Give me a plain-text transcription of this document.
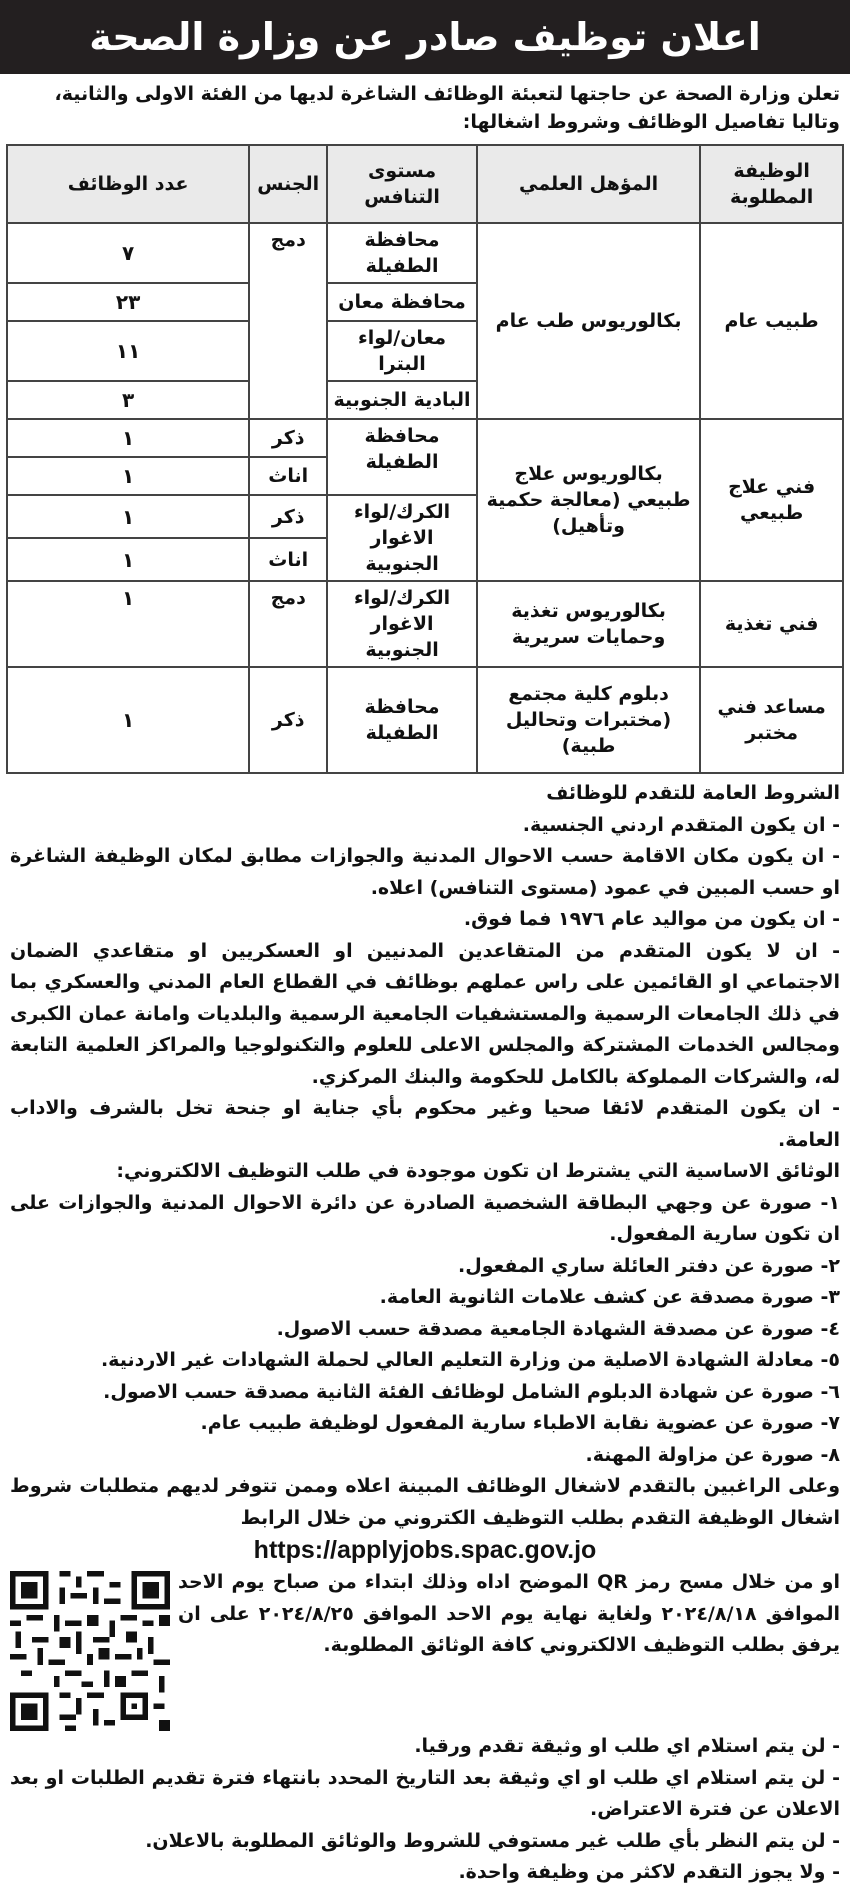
اعلان توظيف صادر عن وزارة الصحة
تعلن وزارة الصحة عن حاجتها لتعبئة الوظائف الشاغرة لديها من الفئة الاولى والثانية، وتاليا تفاصيل الوظائف وشروط اشغالها:
الوظيفة المطلوبة	المؤهل العلمي	مستوى التنافس	الجنس	عدد الوظائف
طبيب عام	بكالوريوس طب عام	محافظة الطفيلة	دمج	٧
		محافظة معان		٢٣
		معان/لواء البترا		١١
		البادية الجنوبية		٣
فني علاج طبيعي	بكالوريوس علاج طبيعي (معالجة حكمية وتأهيل)	محافظة الطفيلة	ذكر	١
			اناث	١
		الكرك/لواء الاغوار الجنوبية	ذكر	١
			اناث	١
فني تغذية	بكالوريوس تغذية وحمايات سريرية	الكرك/لواء الاغوار الجنوبية	دمج	١
مساعد فني مختبر	دبلوم كلية مجتمع (مختبرات وتحاليل طبية)	محافظة الطفيلة	ذكر	١

الشروط العامة للتقدم للوظائف

- ان يكون المتقدم اردني الجنسية.

- ان يكون مكان الاقامة حسب الاحوال المدنية والجوازات مطابق لمكان الوظيفة الشاغرة او حسب المبين في عمود (مستوى التنافس) اعلاه.

- ان يكون من مواليد عام ١٩٧٦ فما فوق.

- ان لا يكون المتقدم من المتقاعدين المدنيين او العسكريين او متقاعدي الضمان الاجتماعي او القائمين على راس عملهم بوظائف في القطاع العام المدني والعسكري بما في ذلك الجامعات الرسمية والمستشفيات الجامعية الرسمية والبلديات وامانة عمان الكبرى ومجالس الخدمات المشتركة والمجلس الاعلى للعلوم والتكنولوجيا والمراكز العلمية التابعة له، والشركات المملوكة بالكامل للحكومة والبنك المركزي.

- ان يكون المتقدم لائقا صحيا وغير محكوم بأي جناية او جنحة تخل بالشرف والاداب العامة.

الوثائق الاساسية التي يشترط ان تكون موجودة في طلب التوظيف الالكتروني:

١- صورة عن وجهي البطاقة الشخصية الصادرة عن دائرة الاحوال المدنية والجوازات على ان تكون سارية المفعول.

٢- صورة عن دفتر العائلة ساري المفعول.

٣- صورة مصدقة عن كشف علامات الثانوية العامة.

٤- صورة عن مصدقة الشهادة الجامعية مصدقة حسب الاصول.

٥- معادلة الشهادة الاصلية من وزارة التعليم العالي لحملة الشهادات غير الاردنية.

٦- صورة عن شهادة الدبلوم الشامل لوظائف الفئة الثانية مصدقة حسب الاصول.

٧- صورة عن عضوية نقابة الاطباء سارية المفعول لوظيفة طبيب عام.

٨- صورة عن مزاولة المهنة.

وعلى الراغبين بالتقدم لاشغال الوظائف المبينة اعلاه وممن تتوفر لديهم متطلبات شروط اشغال الوظيفة التقدم بطلب التوظيف الكتروني من خلال الرابط

https://applyjobs.spac.gov.jo

او من خلال مسح رمز QR الموضح اداه وذلك ابتداء من صباح يوم الاحد الموافق ٢٠٢٤/٨/١٨ ولغاية نهاية يوم الاحد الموافق ٢٠٢٤/٨/٢٥ على ان يرفق بطلب التوظيف الالكتروني كافة الوثائق المطلوبة.

- لن يتم استلام اي طلب او وثيقة تقدم ورقيا.

- لن يتم استلام اي طلب او اي وثيقة بعد التاريخ المحدد بانتهاء فترة تقديم الطلبات او بعد الاعلان عن فترة الاعتراض.

- لن يتم النظر بأي طلب غير مستوفي للشروط والوثائق المطلوبة بالاعلان.

- ولا يجوز التقدم لاكثر من وظيفة واحدة.
